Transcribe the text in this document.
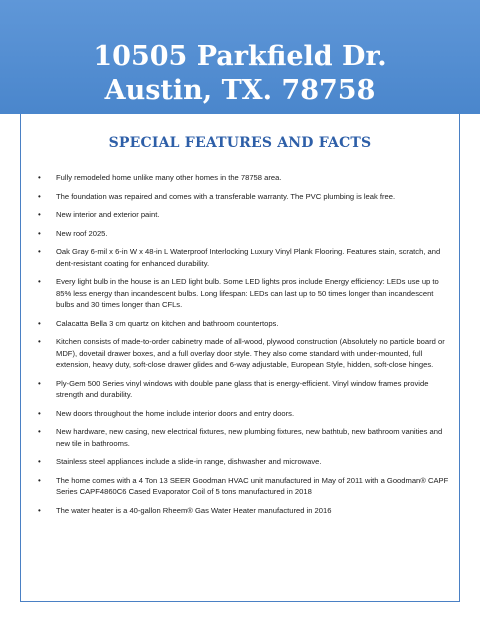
10505 Parkfield Dr.
Austin, TX. 78758
SPECIAL FEATURES AND FACTS
• Fully remodeled home unlike many other homes in the 78758 area.
• The foundation was repaired and comes with a transferable warranty. The PVC plumbing is leak free.
• New interior and exterior paint.
• New roof 2025.
• Oak Gray 6-mil x 6-in W x 48-in L Waterproof Interlocking Luxury Vinyl Plank Flooring. Features stain, scratch, and dent-resistant coating for enhanced durability.
• Every light bulb in the house is an LED light bulb. Some LED lights pros include Energy efficiency: LEDs use up to 85% less energy than incandescent bulbs. Long lifespan: LEDs can last up to 50 times longer than incandescent bulbs and 30 times longer than CFLs.
• Calacatta Bella 3 cm quartz on kitchen and bathroom countertops.
• Kitchen consists of made-to-order cabinetry made of all-wood, plywood construction (Absolutely no particle board or MDF), dovetail drawer boxes, and a full overlay door style. They also come standard with under-mounted, full extension, heavy duty, soft-close drawer glides and 6-way adjustable, European Style, hidden, soft-close hinges.
• Ply-Gem 500 Series vinyl windows with double pane glass that is energy-efficient. Vinyl window frames provide strength and durability.
• New doors throughout the home include interior doors and entry doors.
• New hardware, new casing, new electrical fixtures, new plumbing fixtures, new bathtub, new bathroom vanities and new tile in bathrooms.
• Stainless steel appliances include a slide-in range, dishwasher and microwave.
• The home comes with a 4 Ton 13 SEER Goodman HVAC unit manufactured in May of 2011 with a Goodman® CAPF Series CAPF4860C6 Cased Evaporator Coil of 5 tons manufactured in 2018
• The water heater is a 40-gallon Rheem® Gas Water Heater manufactured in 2016
